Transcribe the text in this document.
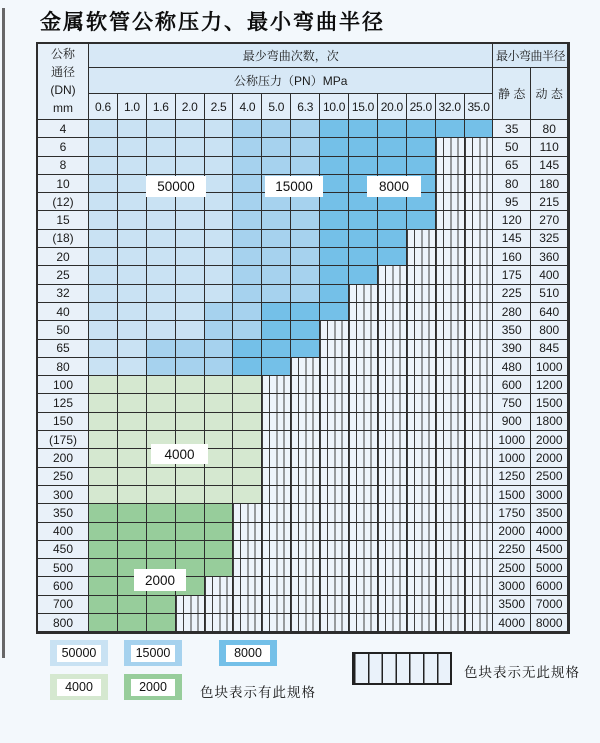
金属软管公称压力、最小弯曲半径
公称
通径
(DN)
mm
最少弯曲次数，次	最小弯曲半径
公称压力（PN）MPa
静 态 动 态
0.6	1.0	1.6	2.0	2.5	4.0	5.0	6.3 10.0 15.0 20.0 25.0 32.0 35.0
4	35	80
6	50	110
8	65	145
10	80	180
(12)	95	215
15	120	270
(18)	145	325
20	160	360
25	175	400
32	225	510
40	280	640
50	350	800
65	390	845
80	480	1000
100	600	1200
125	750	1500
150	900	1800
(175)	1000 2000
200	1000 2000
250	1250 2500
300	1500 3000
350	1750 3500
400	2000 4000
450	2250 4500
500	2500 5000
600	3000 6000
700	3500 7000
800	4000 8000
50000	15000	8000
4000
2000
色块表示有此规格
色块表示无此规格
50000	15000	8000
4000	2000
